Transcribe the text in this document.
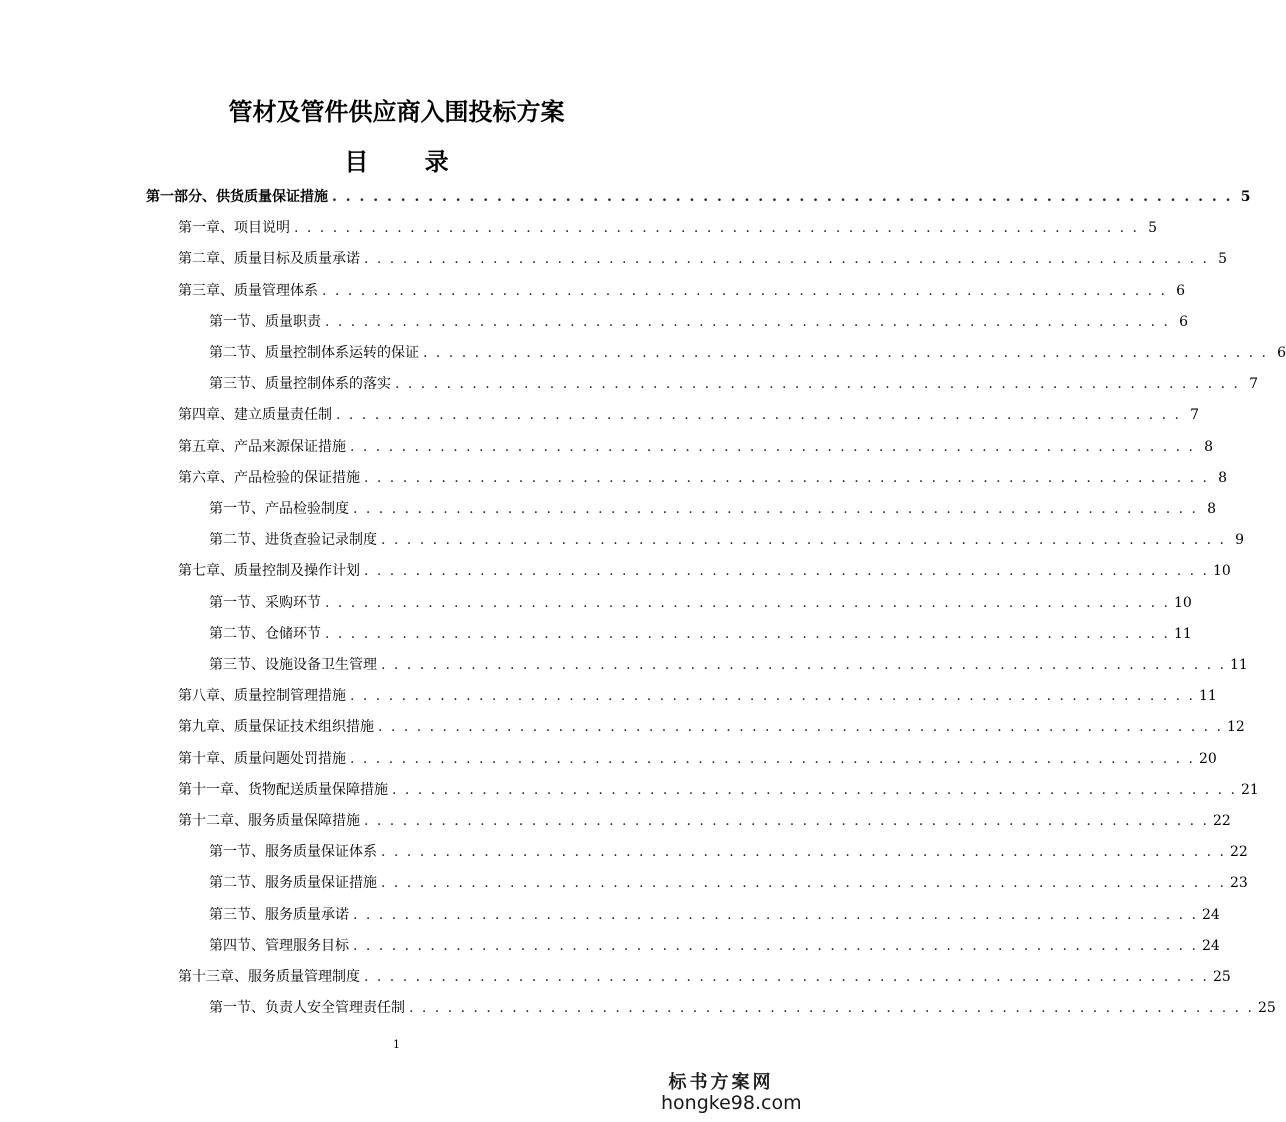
管材及管件供应商入围投标方案
目 录
第一部分、供货质量保证措施 . . . . . . . . . . . . . . . . . . . . . . . . . . . . . . . . . . . . . . . . . . . . . . . . . . . . . . . . . . . . . . . . . . 5
第一章、项目说明 . . . . . . . . . . . . . . . . . . . . . . . . . . . . . . . . . . . . . . . . . . . . . . . . . . . . . . . . . . . . . . . . . . 5
第二章、质量目标及质量承诺 . . . . . . . . . . . . . . . . . . . . . . . . . . . . . . . . . . . . . . . . . . . . . . . . . . . . . . . . . . . . . . . . . . 5
第三章、质量管理体系 . . . . . . . . . . . . . . . . . . . . . . . . . . . . . . . . . . . . . . . . . . . . . . . . . . . . . . . . . . . . . . . . . . 6
第一节、质量职责 . . . . . . . . . . . . . . . . . . . . . . . . . . . . . . . . . . . . . . . . . . . . . . . . . . . . . . . . . . . . . . . . . . 6
第二节、质量控制体系运转的保证 . . . . . . . . . . . . . . . . . . . . . . . . . . . . . . . . . . . . . . . . . . . . . . . . . . . . . . . . . . . . . . . . . . 6
第三节、质量控制体系的落实 . . . . . . . . . . . . . . . . . . . . . . . . . . . . . . . . . . . . . . . . . . . . . . . . . . . . . . . . . . . . . . . . . . 7
第四章、建立质量责任制 . . . . . . . . . . . . . . . . . . . . . . . . . . . . . . . . . . . . . . . . . . . . . . . . . . . . . . . . . . . . . . . . . . 7
第五章、产品来源保证措施 . . . . . . . . . . . . . . . . . . . . . . . . . . . . . . . . . . . . . . . . . . . . . . . . . . . . . . . . . . . . . . . . . . 8
第六章、产品检验的保证措施 . . . . . . . . . . . . . . . . . . . . . . . . . . . . . . . . . . . . . . . . . . . . . . . . . . . . . . . . . . . . . . . . . . 8
第一节、产品检验制度 . . . . . . . . . . . . . . . . . . . . . . . . . . . . . . . . . . . . . . . . . . . . . . . . . . . . . . . . . . . . . . . . . . 8
第二节、进货查验记录制度 . . . . . . . . . . . . . . . . . . . . . . . . . . . . . . . . . . . . . . . . . . . . . . . . . . . . . . . . . . . . . . . . . . 9
第七章、质量控制及操作计划 . . . . . . . . . . . . . . . . . . . . . . . . . . . . . . . . . . . . . . . . . . . . . . . . . . . . . . . . . . . . . . . . . . 10
第一节、采购环节 . . . . . . . . . . . . . . . . . . . . . . . . . . . . . . . . . . . . . . . . . . . . . . . . . . . . . . . . . . . . . . . . . . 10
第二节、仓储环节 . . . . . . . . . . . . . . . . . . . . . . . . . . . . . . . . . . . . . . . . . . . . . . . . . . . . . . . . . . . . . . . . . . 11
第三节、设施设备卫生管理 . . . . . . . . . . . . . . . . . . . . . . . . . . . . . . . . . . . . . . . . . . . . . . . . . . . . . . . . . . . . . . . . . . 11
第八章、质量控制管理措施 . . . . . . . . . . . . . . . . . . . . . . . . . . . . . . . . . . . . . . . . . . . . . . . . . . . . . . . . . . . . . . . . . . 11
第九章、质量保证技术组织措施 . . . . . . . . . . . . . . . . . . . . . . . . . . . . . . . . . . . . . . . . . . . . . . . . . . . . . . . . . . . . . . . . . . 12
第十章、质量问题处罚措施 . . . . . . . . . . . . . . . . . . . . . . . . . . . . . . . . . . . . . . . . . . . . . . . . . . . . . . . . . . . . . . . . . . 20
第十一章、货物配送质量保障措施 . . . . . . . . . . . . . . . . . . . . . . . . . . . . . . . . . . . . . . . . . . . . . . . . . . . . . . . . . . . . . . . . . . 21
第十二章、服务质量保障措施 . . . . . . . . . . . . . . . . . . . . . . . . . . . . . . . . . . . . . . . . . . . . . . . . . . . . . . . . . . . . . . . . . . 22
第一节、服务质量保证体系 . . . . . . . . . . . . . . . . . . . . . . . . . . . . . . . . . . . . . . . . . . . . . . . . . . . . . . . . . . . . . . . . . . 22
第二节、服务质量保证措施 . . . . . . . . . . . . . . . . . . . . . . . . . . . . . . . . . . . . . . . . . . . . . . . . . . . . . . . . . . . . . . . . . . 23
第三节、服务质量承诺 . . . . . . . . . . . . . . . . . . . . . . . . . . . . . . . . . . . . . . . . . . . . . . . . . . . . . . . . . . . . . . . . . . 24
第四节、管理服务目标 . . . . . . . . . . . . . . . . . . . . . . . . . . . . . . . . . . . . . . . . . . . . . . . . . . . . . . . . . . . . . . . . . . 24
第十三章、服务质量管理制度 . . . . . . . . . . . . . . . . . . . . . . . . . . . . . . . . . . . . . . . . . . . . . . . . . . . . . . . . . . . . . . . . . . 25
第一节、负责人安全管理责任制 . . . . . . . . . . . . . . . . . . . . . . . . . . . . . . . . . . . . . . . . . . . . . . . . . . . . . . . . . . . . . . . . . . 25
1
标书方案网
hongke98.com
